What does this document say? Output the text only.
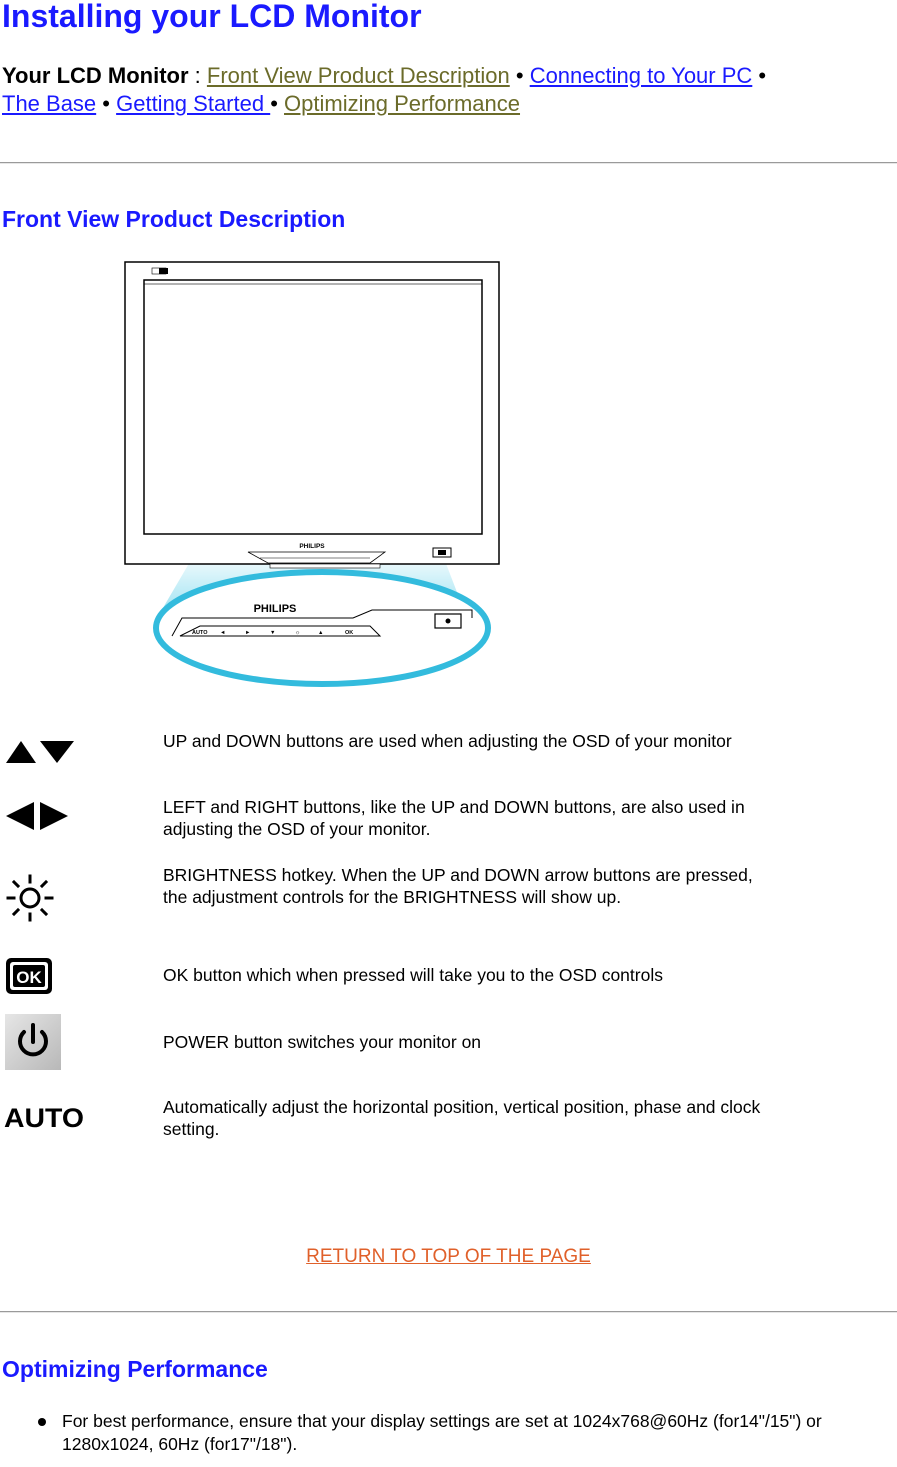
Installing your LCD Monitor
Your LCD Monitor : Front View Product Description • Connecting to Your PC •
The Base • Getting Started • Optimizing Performance
Front View Product Description
PHILIPS
PHILIPS
AUTO ◄	►	▼	☼	▲	OK
UP and DOWN buttons are used when adjusting the OSD of your monitor
LEFT and RIGHT buttons, like the UP and DOWN buttons, are also used in adjusting the OSD of your monitor.
BRIGHTNESS hotkey. When the UP and DOWN arrow buttons are pressed, the adjustment controls for the BRIGHTNESS will show up.
OK	OK button which when pressed will take you to the OSD controls
POWER button switches your monitor on
AUTO	Automatically adjust the horizontal position, vertical position, phase and clock setting.
RETURN TO TOP OF THE PAGE
Optimizing Performance
For best performance, ensure that your display settings are set at 1024x768@60Hz (for14"/15") or 1280x1024, 60Hz (for17"/18").
